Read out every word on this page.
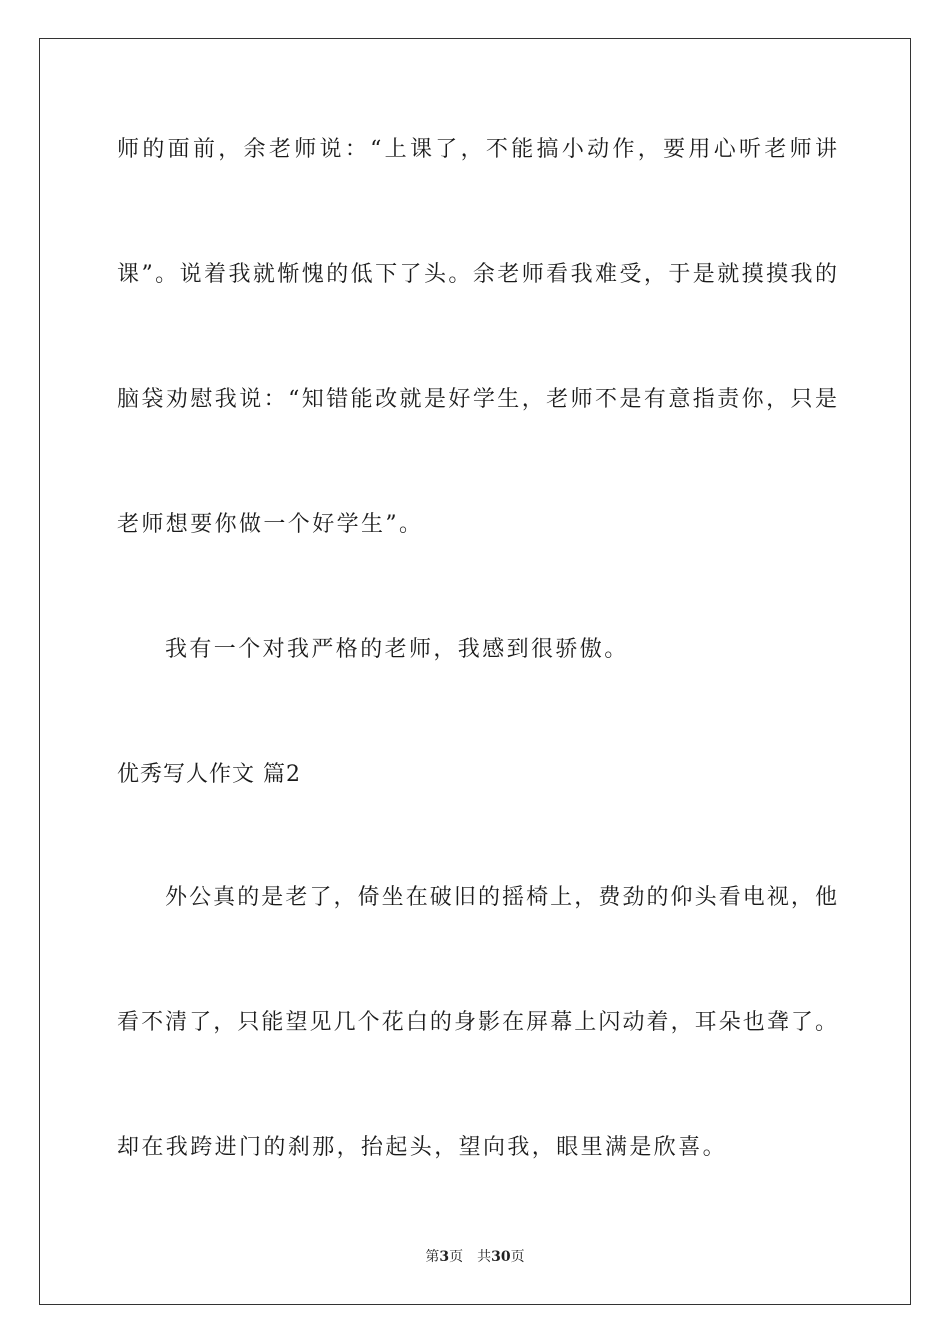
师的面前，余老师说：“上课了，不能搞小动作，要用心听老师讲
课”。说着我就惭愧的低下了头。余老师看我难受，于是就摸摸我的
脑袋劝慰我说：“知错能改就是好学生，老师不是有意指责你，只是
老师想要你做一个好学生”。
我有一个对我严格的老师，我感到很骄傲。
优秀写人作文 篇2
外公真的是老了，倚坐在破旧的摇椅上，费劲的仰头看电视，他
看不清了，只能望见几个花白的身影在屏幕上闪动着，耳朵也聋了。
却在我跨进门的刹那，抬起头，望向我，眼里满是欣喜。
第3页 共30页
